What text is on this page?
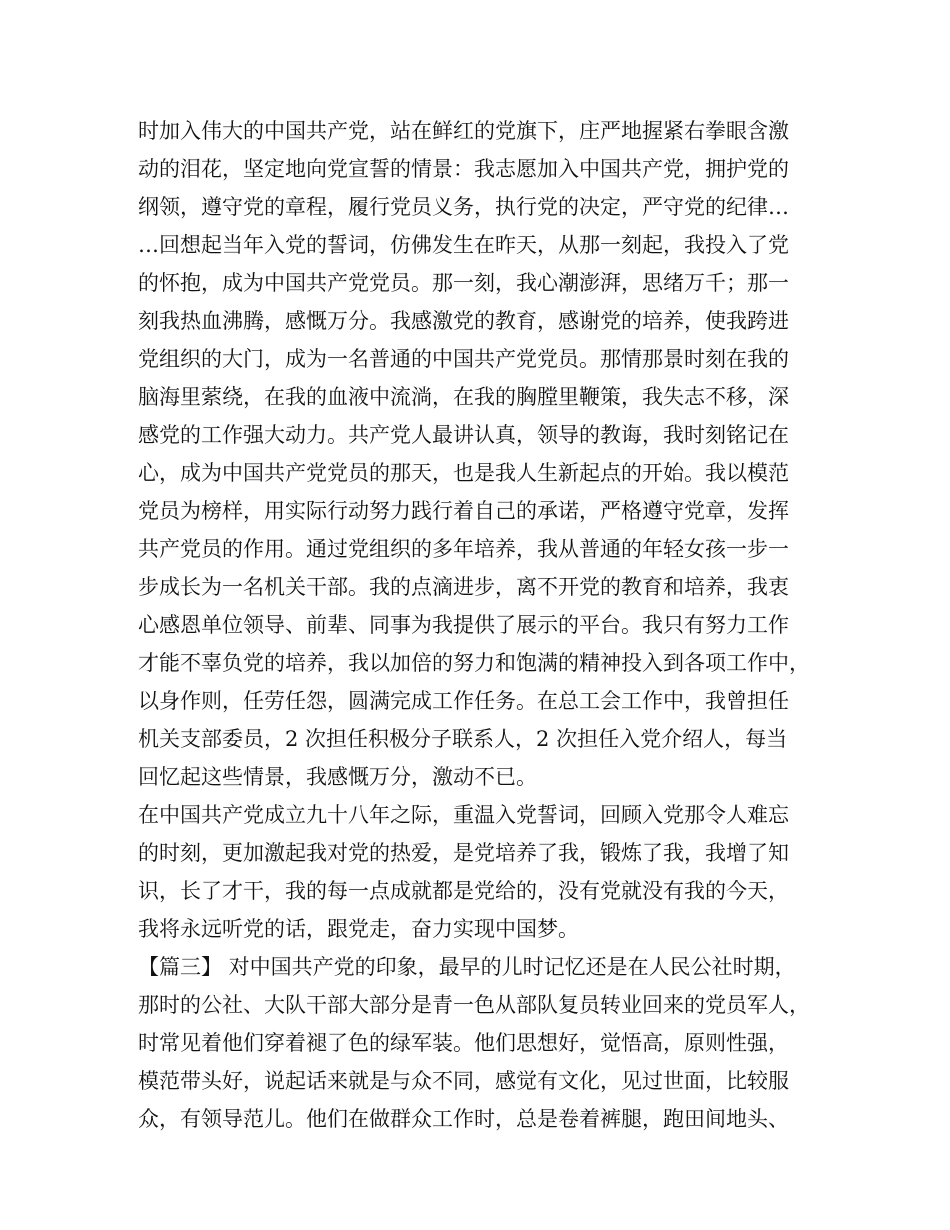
时加入伟大的中国共产党，站在鲜红的党旗下，庄严地握紧右拳眼含激
动的泪花，坚定地向党宣誓的情景：我志愿加入中国共产党，拥护党的
纲领，遵守党的章程，履行党员义务，执行党的决定，严守党的纪律…
…回想起当年入党的誓词，仿佛发生在昨天，从那一刻起，我投入了党
的怀抱，成为中国共产党党员。那一刻，我心潮澎湃，思绪万千；那一
刻我热血沸腾，感慨万分。我感激党的教育，感谢党的培养，使我跨进
党组织的大门，成为一名普通的中国共产党党员。那情那景时刻在我的
脑海里萦绕，在我的血液中流淌，在我的胸膛里鞭策，我失志不移，深
感党的工作强大动力。共产党人最讲认真，领导的教诲，我时刻铭记在
心，成为中国共产党党员的那天，也是我人生新起点的开始。我以模范
党员为榜样，用实际行动努力践行着自己的承诺，严格遵守党章，发挥
共产党员的作用。通过党组织的多年培养，我从普通的年轻女孩一步一
步成长为一名机关干部。我的点滴进步，离不开党的教育和培养，我衷
心感恩单位领导、前辈、同事为我提供了展示的平台。我只有努力工作
才能不辜负党的培养，我以加倍的努力和饱满的精神投入到各项工作中，
以身作则，任劳任怨，圆满完成工作任务。在总工会工作中，我曾担任
机关支部委员，2 次担任积极分子联系人，2 次担任入党介绍人，每当
回忆起这些情景，我感慨万分，激动不已。
在中国共产党成立九十八年之际，重温入党誓词，回顾入党那令人难忘
的时刻，更加激起我对党的热爱，是党培养了我，锻炼了我，我增了知
识，长了才干，我的每一点成就都是党给的，没有党就没有我的今天，
我将永远听党的话，跟党走，奋力实现中国梦。
【篇三】 对中国共产党的印象，最早的儿时记忆还是在人民公社时期，
那时的公社、大队干部大部分是青一色从部队复员转业回来的党员军人，
时常见着他们穿着褪了色的绿军装。他们思想好，觉悟高，原则性强，
模范带头好，说起话来就是与众不同，感觉有文化，见过世面，比较服
众，有领导范儿。他们在做群众工作时，总是卷着裤腿，跑田间地头、
